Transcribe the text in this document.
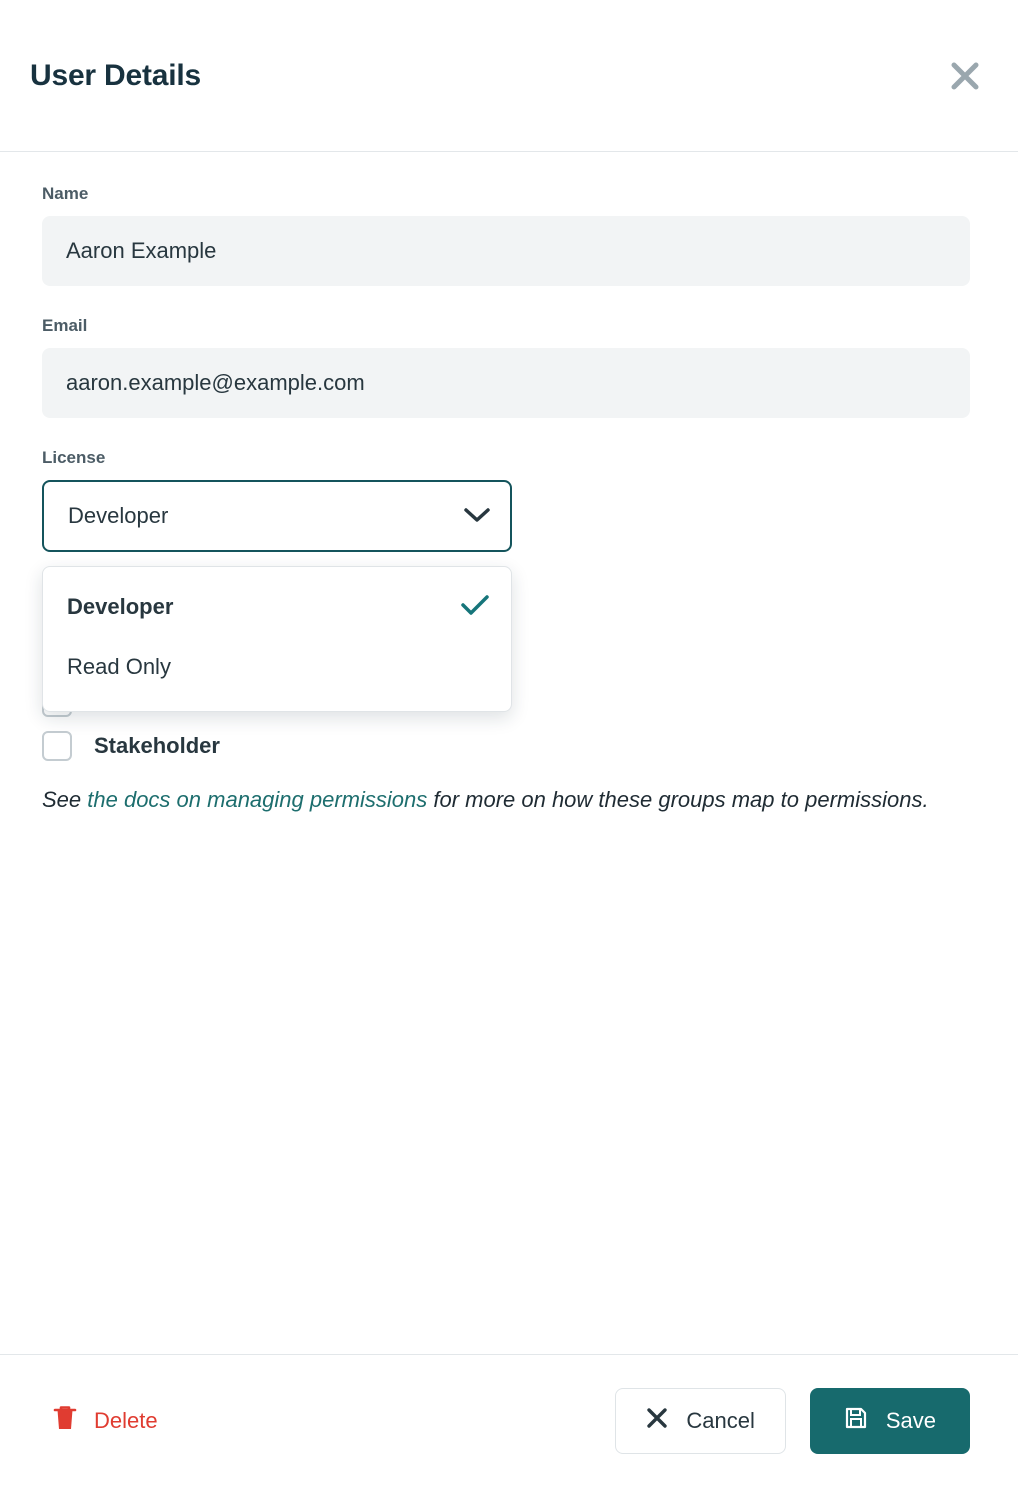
User Details
Name
Aaron Example
Email
aaron.example@example.com
License
Developer
Developer
Read Only
Stakeholder
See the docs on managing permissions for more on how these groups map to permissions.
Delete	Cancel	Save
